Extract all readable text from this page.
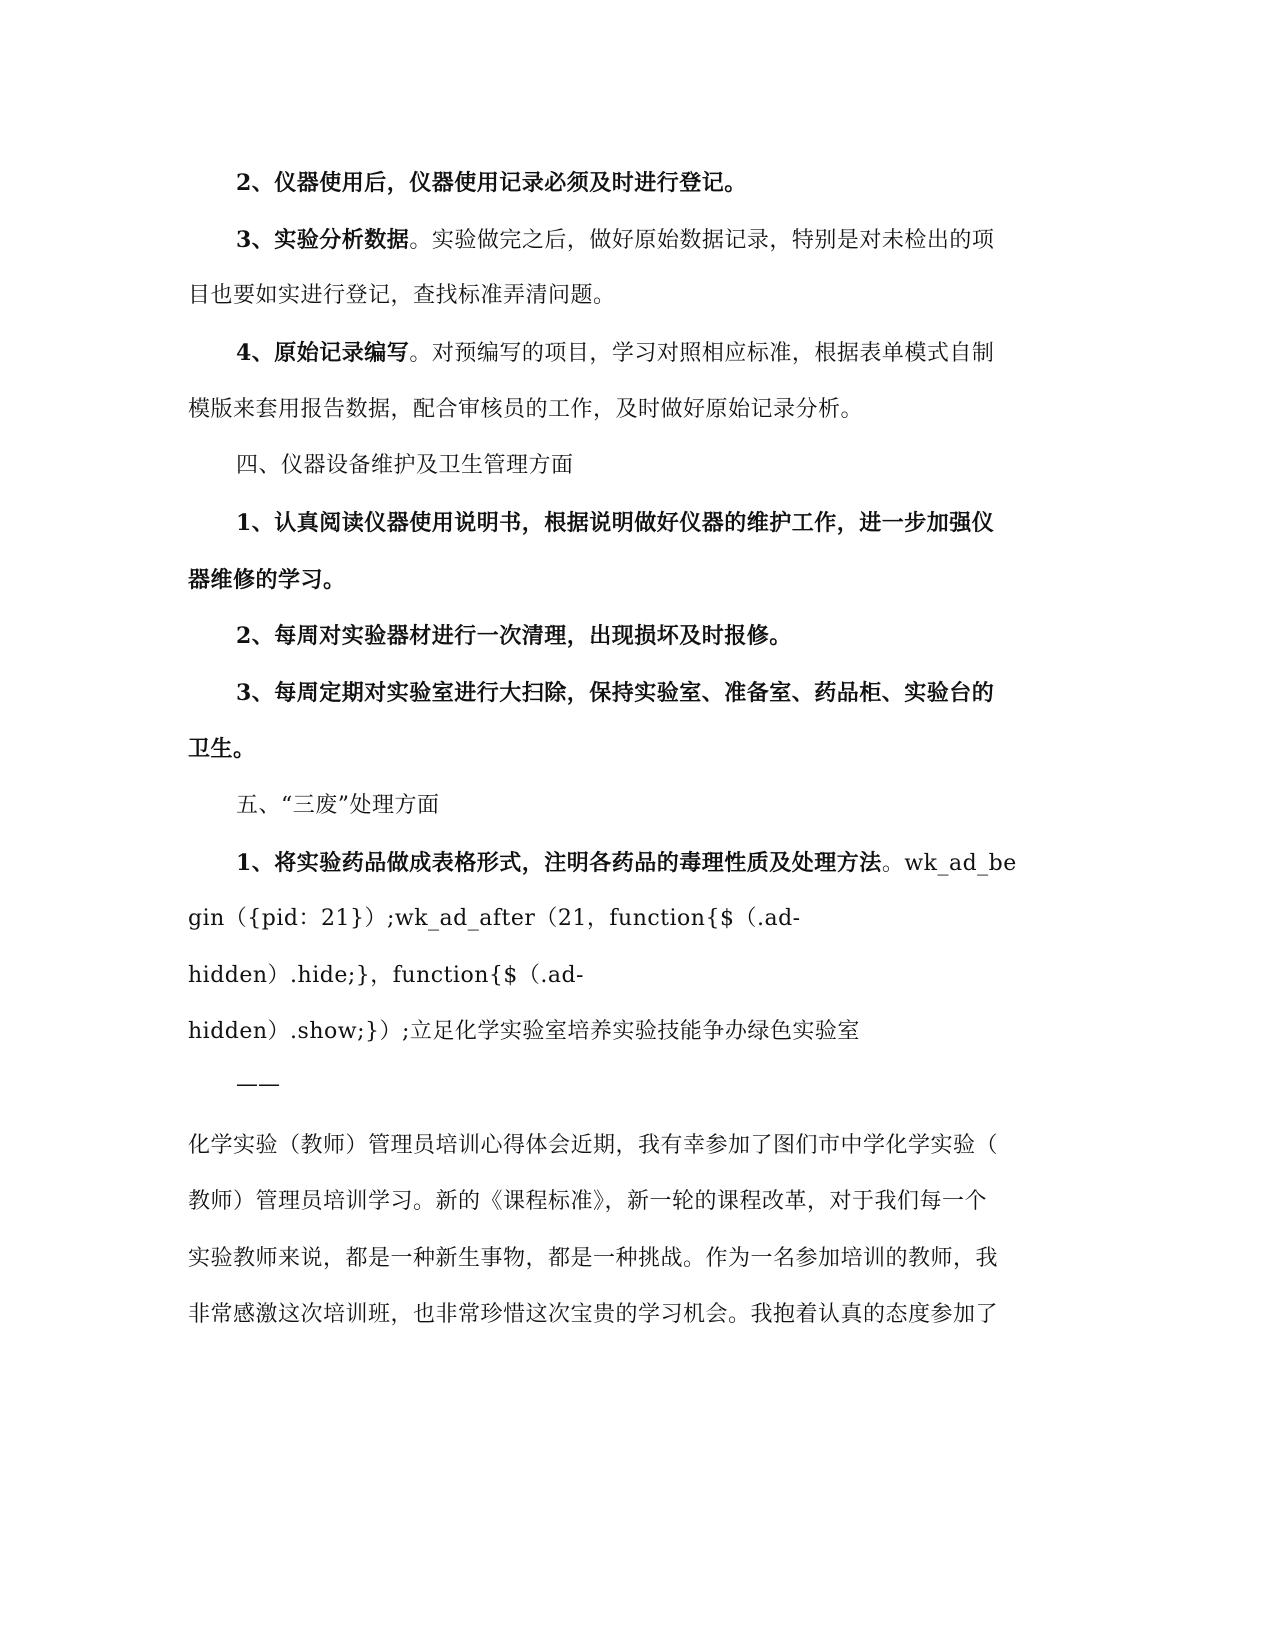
2、仪器使用后，仪器使用记录必须及时进行登记。
3、实验分析数据。实验做完之后，做好原始数据记录，特别是对未检出的项
目也要如实进行登记，查找标准弄清问题。
4、原始记录编写。对预编写的项目，学习对照相应标准，根据表单模式自制
模版来套用报告数据，配合审核员的工作，及时做好原始记录分析。
四、仪器设备维护及卫生管理方面
1、认真阅读仪器使用说明书，根据说明做好仪器的维护工作，进一步加强仪
器维修的学习。
2、每周对实验器材进行一次清理，出现损坏及时报修。
3、每周定期对实验室进行大扫除，保持实验室、准备室、药品柜、实验台的
卫生。
五、“三废”处理方面
1、将实验药品做成表格形式，注明各药品的毒理性质及处理方法。wk_ad_be
gin（{pid：21}）;wk_ad_after（21，function{$（.ad-
hidden）.hide;}，function{$（.ad-
hidden）.show;}）;立足化学实验室培养实验技能争办绿色实验室
——
化学实验（教师）管理员培训心得体会近期，我有幸参加了图们市中学化学实验（
教师）管理员培训学习。新的《课程标准》，新一轮的课程改革，对于我们每一个
实验教师来说，都是一种新生事物，都是一种挑战。作为一名参加培训的教师，我
非常感激这次培训班，也非常珍惜这次宝贵的学习机会。我抱着认真的态度参加了
